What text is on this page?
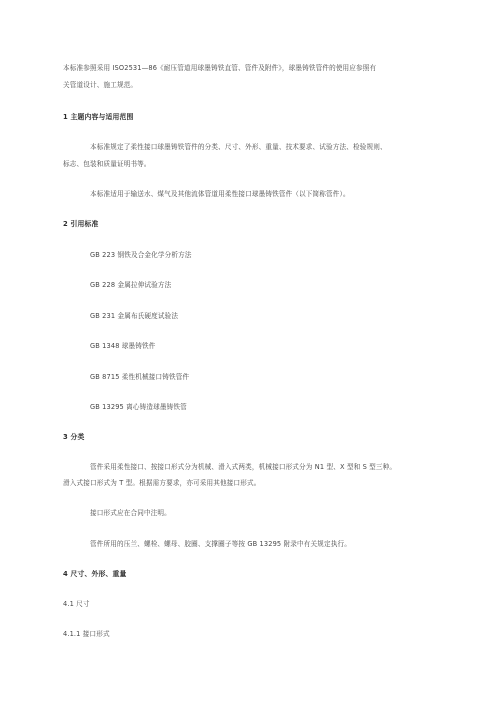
本标准参照采用 ISO2531—86《耐压管道用球墨铸铁直管、管件及附件》，球墨铸铁管件的使用应参照有
关管道设计、施工规范。
1 主题内容与适用范围
本标准规定了柔性接口球墨铸铁管件的分类、尺寸、外形、重量、技术要求、试验方法、检验规则、
标志、包装和质量证明书等。
本标准适用于输送水、煤气及其他流体管道用柔性接口球墨铸铁管件（以下简称管件）。
2 引用标准
GB 223 钢铁及合金化学分析方法
GB 228 金属拉伸试验方法
GB 231 金属布氏硬度试验法
GB 1348 球墨铸铁件
GB 8715 柔性机械接口铸铁管件
GB 13295 离心铸造球墨铸铁管
3 分类
管件采用柔性接口、按接口形式分为机械、滑入式两类，机械接口形式分为 N1 型、X 型和 S 型三种。
滑入式接口形式为 T 型。根据需方要求，亦可采用其他接口形式。
接口形式应在合同中注明。
管件所用的压兰、螺栓、螺母、胶圈、支撑圈子等按 GB 13295 附录中有关规定执行。
4 尺寸、外形、重量
4.1 尺寸
4.1.1 接口形式
